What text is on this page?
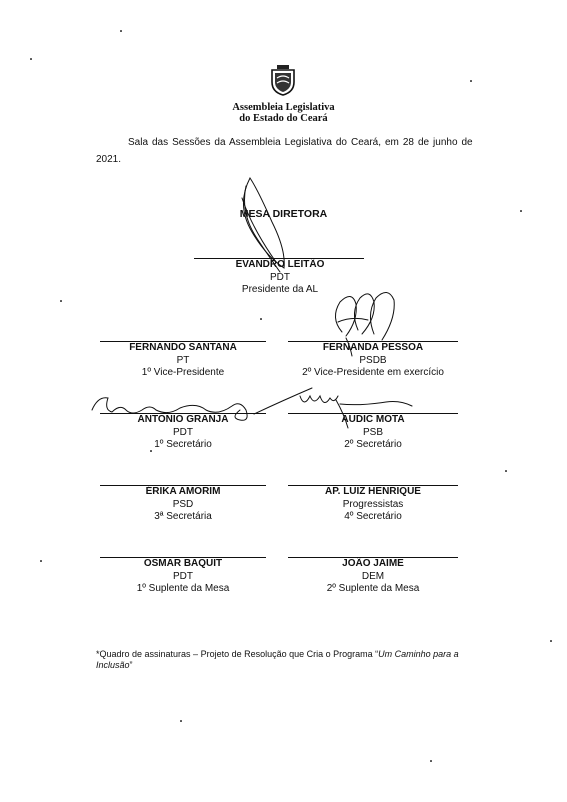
Assembleia Legislativa
do Estado do Ceará
Sala das Sessões da Assembleia Legislativa do Ceará, em 28 de junho de
2021.
MESA DIRETORA
EVANDRO LEITÃO
PDT
Presidente da AL
FERNANDO SANTANA
PT
1º Vice-Presidente
FERNANDA PESSOA
PSDB
2º Vice-Presidente em exercício
ANTONIO GRANJA
PDT
1º Secretário
AUDIC MOTA
PSB
2º Secretário
ÉRIKA AMORIM
PSD
3ª Secretária
AP. LUIZ HENRIQUE
Progressistas
4º Secretário
OSMAR BAQUIT
PDT
1º Suplente da Mesa
JOÃO JAIME
DEM
2º Suplente da Mesa
*Quadro de assinaturas – Projeto de Resolução que Cria o Programa “Um Caminho para a Inclusão”
